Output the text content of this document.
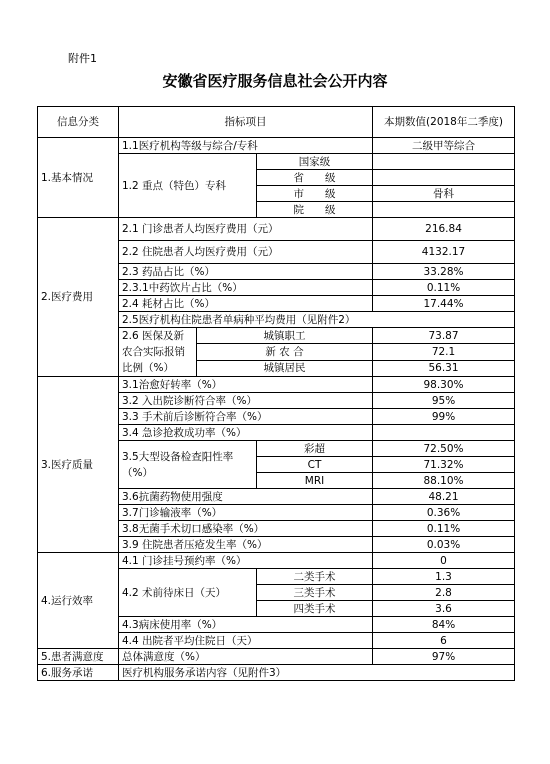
附件1
安徽省医疗服务信息社会公开内容
信息分类	指标项目			本期数值(2018年二季度)
1.基本情况	1.1医疗机构等级与综合/专科			二级甲等综合
	1.2 重点（特色）专科		国家级	
			省　　级	
			市　　级	骨科
			院　　级	
2.医疗费用	2.1 门诊患者人均医疗费用（元）			216.84
	2.2 住院患者人均医疗费用（元）			4132.17
	2.3 药品占比（%）			33.28%
	2.3.1中药饮片占比（%）			0.11%
	2.4 耗材占比（%）			17.44%
	2.5医疗机构住院患者单病种平均费用（见附件2）			
	2.6 医保及新农合实际报销比例（%）	城镇职工		73.87
		新 农 合		72.1
		城镇居民		56.31
3.医疗质量	3.1治愈好转率（%）			98.30%
	3.2 入出院诊断符合率（%）			95%
	3.3 手术前后诊断符合率（%）			99%
	3.4 急诊抢救成功率（%）			
	3.5大型设备检查阳性率（%）		彩超	72.50%
			CT	71.32%
			MRI	88.10%
	3.6抗菌药物使用强度			48.21
	3.7门诊输液率（%）			0.36%
	3.8无菌手术切口感染率（%）			0.11%
	3.9 住院患者压疮发生率（%）			0.03%
4.运行效率	4.1 门诊挂号预约率（%）			0
	4.2 术前待床日（天）		二类手术	1.3
			三类手术	2.8
			四类手术	3.6
	4.3病床使用率（%）			84%
	4.4 出院者平均住院日（天）			6
5.患者满意度	总体满意度（%）			97%
6.服务承诺	医疗机构服务承诺内容（见附件3）			
